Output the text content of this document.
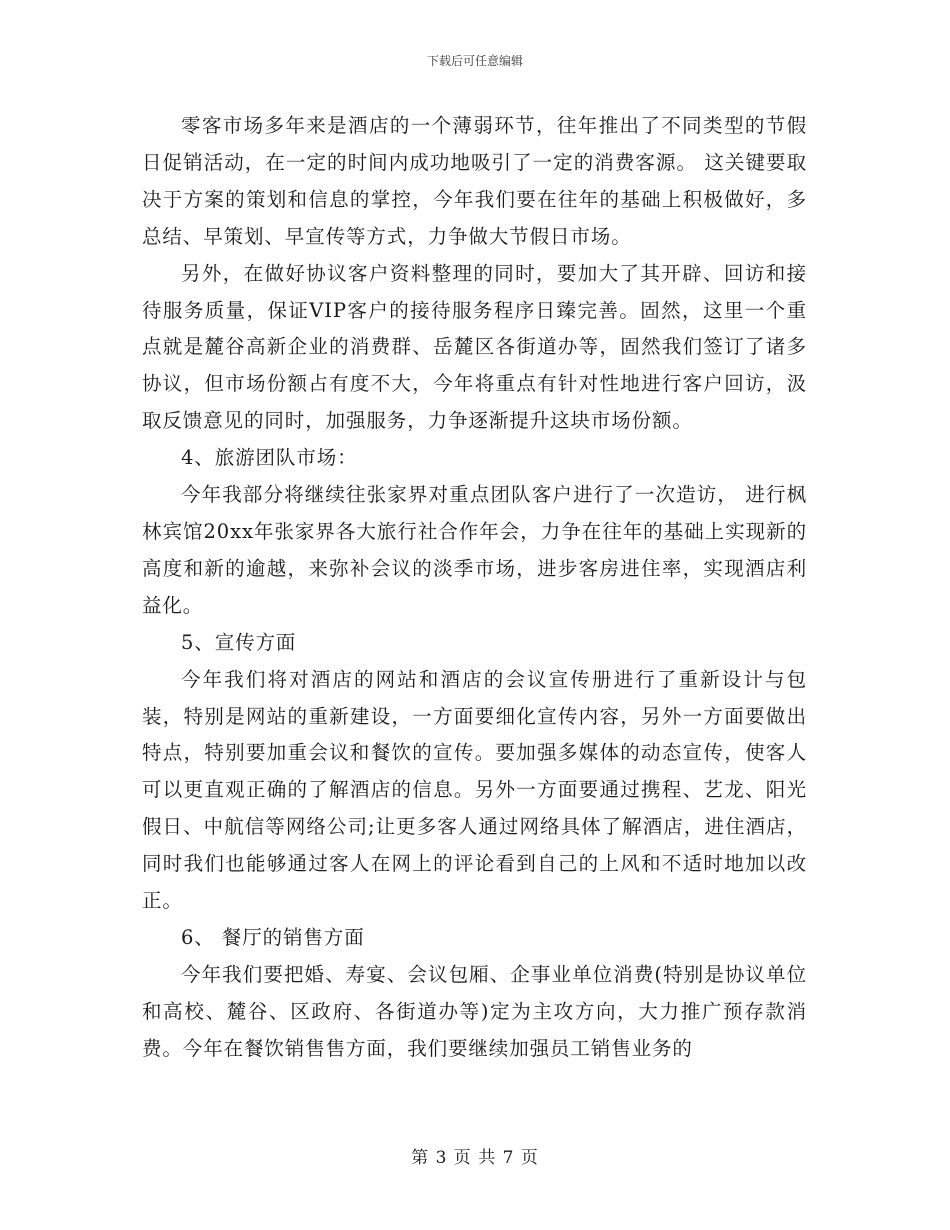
下载后可任意编辑

零客市场多年来是酒店的一个薄弱环节，往年推出了不同类型的节假日促销活动，在一定的时间内成功地吸引了一定的消费客源。 这关键要取决于方案的策划和信息的掌控，今年我们要在往年的基础上积极做好，多总结、早策划、早宣传等方式，力争做大节假日市场。

另外，在做好协议客户资料整理的同时，要加大了其开辟、回访和接待服务质量，保证VIP客户的接待服务程序日臻完善。固然，这里一个重点就是麓谷高新企业的消费群、岳麓区各街道办等，固然我们签订了诸多协议，但市场份额占有度不大，今年将重点有针对性地进行客户回访，汲取反馈意见的同时，加强服务，力争逐渐提升这块市场份额。

4、旅游团队市场：

今年我部分将继续往张家界对重点团队客户进行了一次造访， 进行枫林宾馆20xx年张家界各大旅行社合作年会，力争在往年的基础上实现新的高度和新的逾越，来弥补会议的淡季市场，进步客房进住率，实现酒店利益化。

5、宣传方面

今年我们将对酒店的网站和酒店的会议宣传册进行了重新设计与包装，特别是网站的重新建设，一方面要细化宣传内容，另外一方面要做出特点，特别要加重会议和餐饮的宣传。要加强多媒体的动态宣传，使客人可以更直观正确的了解酒店的信息。另外一方面要通过携程、艺龙、阳光假日、中航信等网络公司;让更多客人通过网络具体了解酒店，进住酒店，同时我们也能够通过客人在网上的评论看到自己的上风和不适时地加以改正。

6、 餐厅的销售方面

今年我们要把婚、寿宴、会议包厢、企事业单位消费(特别是协议单位和高校、麓谷、区政府、各街道办等)定为主攻方向，大力推广预存款消费。今年在餐饮销售售方面，我们要继续加强员工销售业务的

第 3 页 共 7 页
